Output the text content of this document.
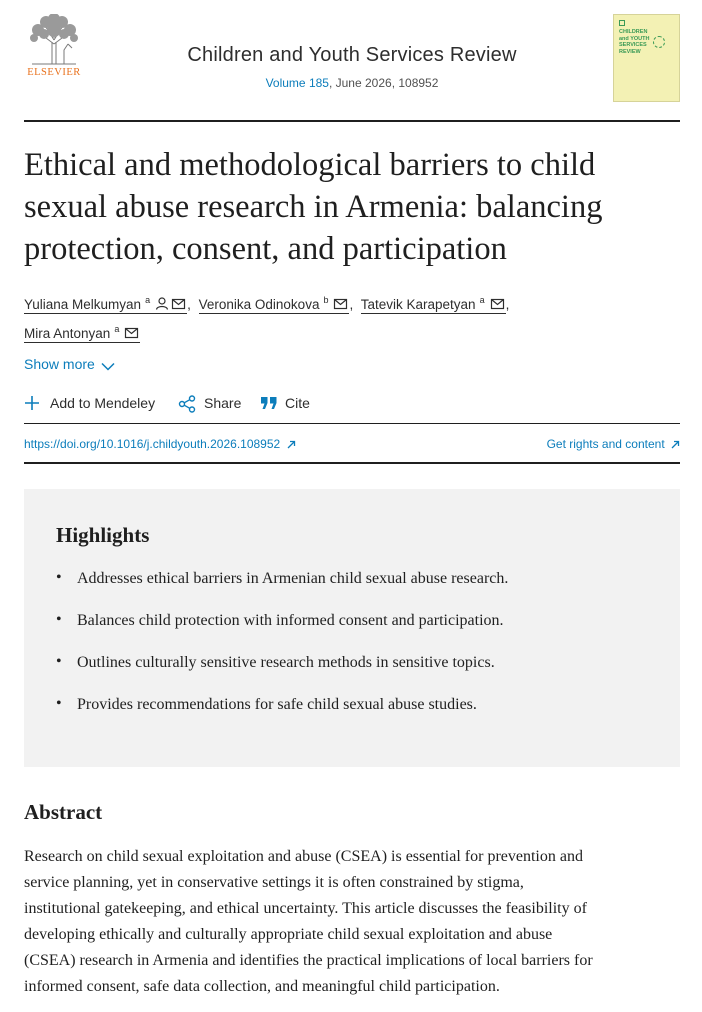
ELSEVIER
Children and Youth Services Review
Volume 185, June 2026, 108952
CHILDREN and YOUTH SERVICES REVIEW
Ethical and methodological barriers to child
sexual abuse research in Armenia: balancing
protection, consent, and participation
Yuliana Melkumyan $^a$	, Veronika Odinokova $^b$ , Tatevik Karapetyan $^a$ ,
Mira Antonyan $^a$
Show more
Add to Mendeley	Share	Cite
https://doi.org/10.1016/j.childyouth.2026.108952	Get rights and content
Highlights
• Addresses ethical barriers in Armenian child sexual abuse research.
• Balances child protection with informed consent and participation.
• Outlines culturally sensitive research methods in sensitive topics.
• Provides recommendations for safe child sexual abuse studies.
Abstract
Research on child sexual exploitation and abuse (CSEA) is essential for prevention and
service planning, yet in conservative settings it is often constrained by stigma,
institutional gatekeeping, and ethical uncertainty. This article discusses the feasibility of
developing ethically and culturally appropriate child sexual exploitation and abuse
(CSEA) research in Armenia and identifies the practical implications of local barriers for
informed consent, safe data collection, and meaningful child participation.
